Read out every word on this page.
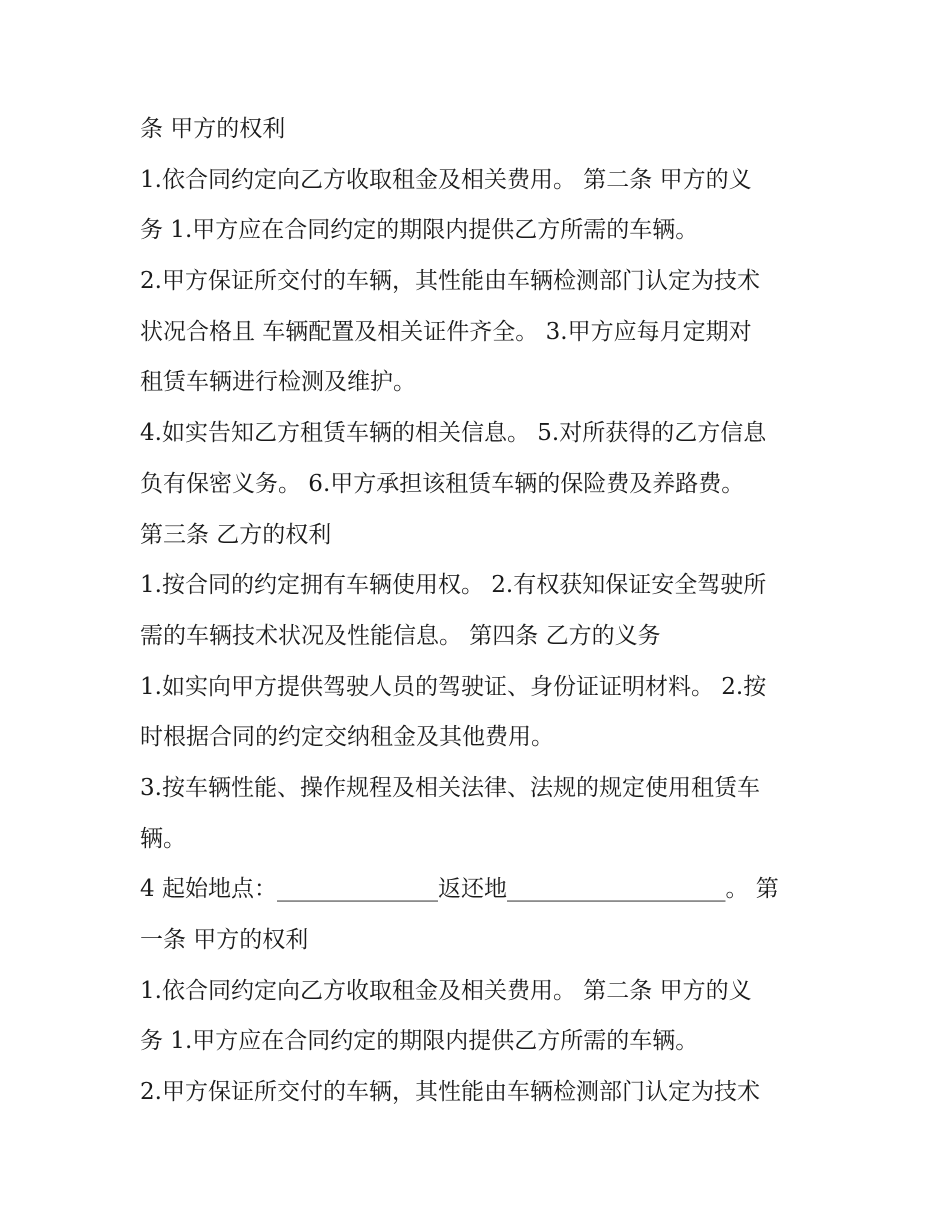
条 甲方的权利
1.依合同约定向乙方收取租金及相关费用。 第二条 甲方的义
务 1.甲方应在合同约定的期限内提供乙方所需的车辆。
2.甲方保证所交付的车辆，其性能由车辆检测部门认定为技术
状况合格且 车辆配置及相关证件齐全。 3.甲方应每月定期对
租赁车辆进行检测及维护。
4.如实告知乙方租赁车辆的相关信息。 5.对所获得的乙方信息
负有保密义务。 6.甲方承担该租赁车辆的保险费及养路费。
第三条 乙方的权利
1.按合同的约定拥有车辆使用权。 2.有权获知保证安全驾驶所
需的车辆技术状况及性能信息。 第四条 乙方的义务
1.如实向甲方提供驾驶人员的驾驶证、身份证证明材料。 2.按
时根据合同的约定交纳租金及其他费用。
3.按车辆性能、操作规程及相关法律、法规的规定使用租赁车
辆。
4 起始地点：______________返还地___________________。 第
一条 甲方的权利
1.依合同约定向乙方收取租金及相关费用。 第二条 甲方的义
务 1.甲方应在合同约定的期限内提供乙方所需的车辆。
2.甲方保证所交付的车辆，其性能由车辆检测部门认定为技术
